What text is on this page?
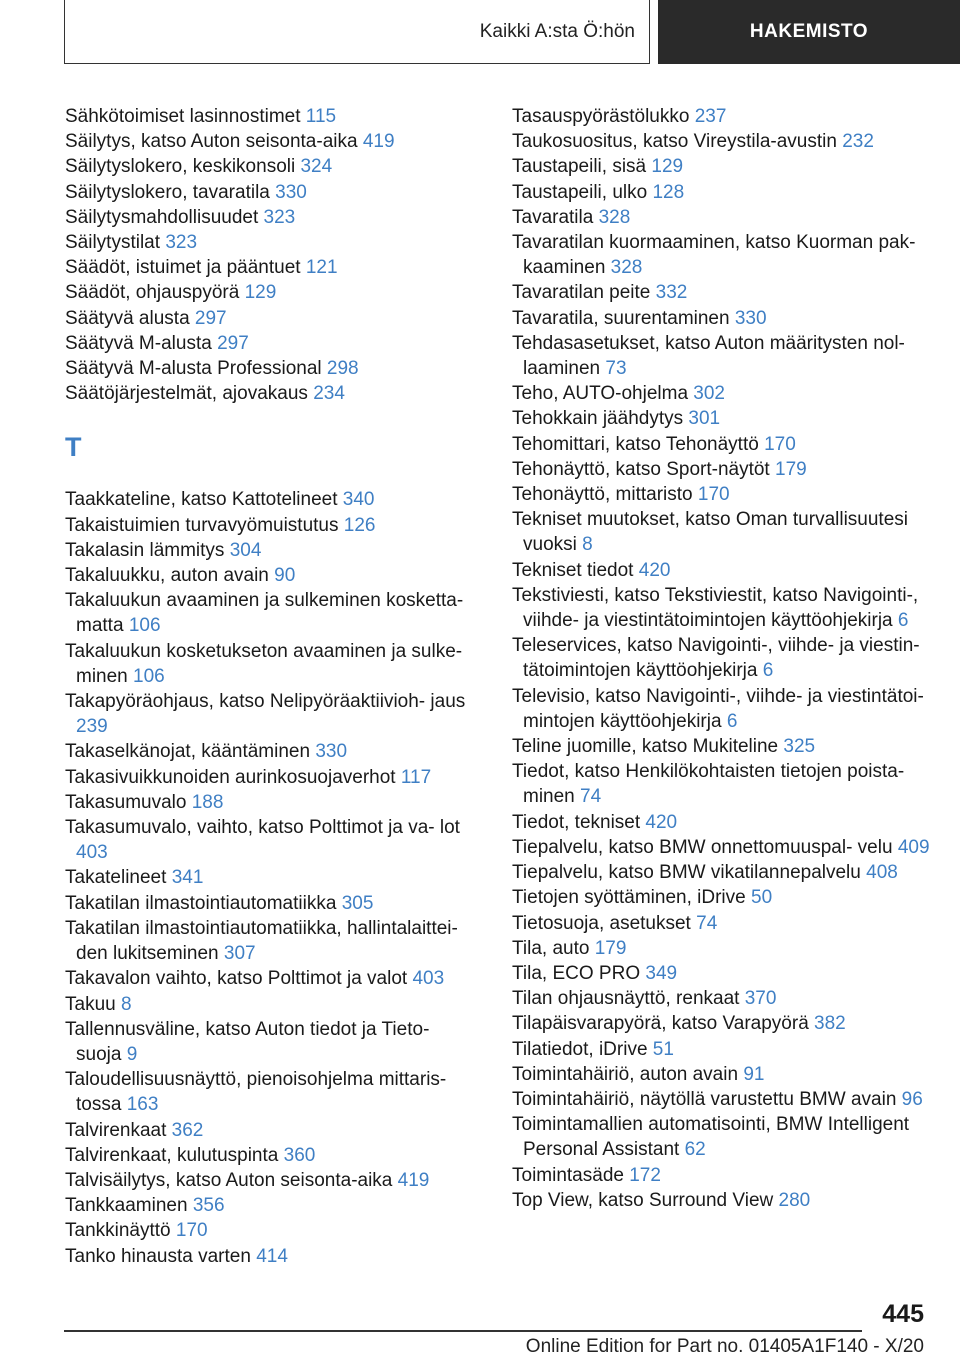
Kaikki A:sta Ö:hön	HAKEMISTO
Sähkötoimiset lasinnostimet 115
Säilytys, katso Auton seisonta-aika 419
Säilytyslokero, keskikonsoli 324
Säilytyslokero, tavaratila 330
Säilytysmahdollisuudet 323
Säilytystilat 323
Säädöt, istuimet ja pääntuet 121
Säädöt, ohjauspyörä 129
Säätyvä alusta 297
Säätyvä M-alusta 297
Säätyvä M-alusta Professional 298
Säätöjärjestelmät, ajovakaus 234
T
Taakkateline, katso Kattotelineet 340
Takaistuimien turvavyömuistutus 126
Takalasin lämmitys 304
Takaluukku, auton avain 90
Takaluukun avaaminen ja sulkeminen kosketta‐ matta 106
Takaluukun kosketukseton avaaminen ja sulke‐ minen 106
Takapyöräohjaus, katso Nelipyöräaktiivioh‐ jaus 239
Takaselkänojat, kääntäminen 330
Takasivuikkunoiden aurinkosuojaverhot 117
Takasumuvalo 188
Takasumuvalo, vaihto, katso Polttimot ja va‐ lot 403
Takatelineet 341
Takatilan ilmastointiautomatiikka 305
Takatilan ilmastointiautomatiikka, hallintalaittei‐ den lukitseminen 307
Takavalon vaihto, katso Polttimot ja valot 403
Takuu 8
Tallennusväline, katso Auton tiedot ja Tieto‐ suoja 9
Taloudellisuusnäyttö, pienoisohjelma mittaris‐ tossa 163
Talvirenkaat 362
Talvirenkaat, kulutuspinta 360
Talvisäilytys, katso Auton seisonta-aika 419
Tankkaaminen 356
Tankkinäyttö 170
Tanko hinausta varten 414
Tasauspyörästölukko 237
Taukosuositus, katso Vireystila-avustin 232
Taustapeili, sisä 129
Taustapeili, ulko 128
Tavaratila 328
Tavaratilan kuormaaminen, katso Kuorman pak‐ kaaminen 328
Tavaratilan peite 332
Tavaratila, suurentaminen 330
Tehdasasetukset, katso Auton määritysten nol‐ laaminen 73
Teho, AUTO-ohjelma 302
Tehokkain jäähdytys 301
Tehomittari, katso Tehonäyttö 170
Tehonäyttö, katso Sport-näytöt 179
Tehonäyttö, mittaristo 170
Tekniset muutokset, katso Oman turvallisuutesi vuoksi 8
Tekniset tiedot 420
Tekstiviesti, katso Tekstiviestit, katso Navigointi-, viihde- ja viestintätoimintojen käyttöohjekirja 6
Teleservices, katso Navigointi-, viihde- ja viestin‐ tätoimintojen käyttöohjekirja 6
Televisio, katso Navigointi-, viihde- ja viestintätoi‐ mintojen käyttöohjekirja 6
Teline juomille, katso Mukiteline 325
Tiedot, katso Henkilökohtaisten tietojen poista‐ minen 74
Tiedot, tekniset 420
Tiepalvelu, katso BMW onnettomuuspal‐ velu 409
Tiepalvelu, katso BMW vikatilannepalvelu 408
Tietojen syöttäminen, iDrive 50
Tietosuoja, asetukset 74
Tila, auto 179
Tila, ECO PRO 349
Tilan ohjausnäyttö, renkaat 370
Tilapäisvarapyörä, katso Varapyörä 382
Tilatiedot, iDrive 51
Toimintahäiriö, auton avain 91
Toimintahäiriö, näytöllä varustettu BMW avain 96
Toimintamallien automatisointi, BMW Intelligent Personal Assistant 62
Toimintasäde 172
Top View, katso Surround View 280
445
Online Edition for Part no. 01405A1F140 - X/20
